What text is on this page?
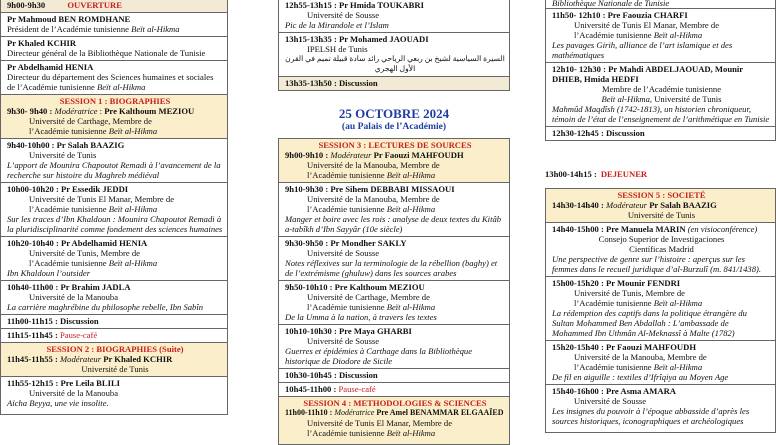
9h00-9h30	OUVERTURE
Pr Mahmoud BEN ROMDHANE
Président de l’Académie tunisienne Beït al-Hikma
Pr Khaled KCHIR
Directeur général de la Bibliothèque Nationale de Tunisie
Pr Abdelhamid HENIA
Directeur du département des Sciences humaines et sociales de l’Académie tunisienne Beït al-Hikma
SESSION 1 : BIOGRAPHIES
9h30- 9h40 : Modératrice : Pre Kalthoum MEZIOU
Université de Carthage, Membre de
l’Académie tunisienne Beït al-Hikma
9h40-10h00 : Pr Salah BAAZIG
Université de Tunis
L’apport de Mounira Chapoutot Remadi à l’avancement de la recherche sur histoire du Maghreb médiéval
10h00-10h20 : Pr Essedik JEDDI
Université de Tunis El Manar, Membre de
l’Académie tunisienne Beït al-Hikma
Sur les traces d’Ibn Khaldoun : Mounira Chapoutot Remadi à la pluridisciplinarité comme fondement des sciences humaines
10h20-10h40 : Pr Abdelhamid HENIA
Université de Tunis, Membre de
l’Académie tunisienne Beït al-Hikma
Ibn Khaldoun l’outsider
10h40-11h00 : Pr Brahim JADLA
Université de la Manouba
La carrière maghrébine du philosophe rebelle, Ibn Sabîn
11h00-11h15 : Discussion
11h15-11h45 : Pause-café
SESSION 2 : BIOGRAPHIES (Suite)
11h45-11h55 : Modérateur Pr Khaled KCHIR
Université de Tunis
11h55-12h15 : Pre Leila BLILI
Université de la Manouba
Aïcha Beyya, une vie insolite.
12h55-13h15 : Pr Hmida TOUKABRI
Université de Sousse
Pic de la Mirandole et l’Islam
13h15-13h35 : Pr Mohamed JAOUADI
IPELSH de Tunis
السيرة السياسية لشيخ بن ربعي الرياحي رائد سادة قبيلة تميم في القرن الأول الهجري
13h35-13h50 : Discussion
25 OCTOBRE 2024
(au Palais de l’Académie)
SESSION 3 : LECTURES DE SOURCES
9h00-9h10 : Modérateur Pr Faouzi MAHFOUDH
Université de la Manouba, Membre de
l’Académie tunisienne Beït al-Hikma
9h10-9h30 : Pre Sihem DEBBABI MISSAOUI
Université de la Manouba, Membre de
l’Académie tunisienne Beït al-Hikma
Manger et boire avec les rois : analyse de deux textes du Kitâb a-tabîkh d’Ibn Sayyâr (10e siècle)
9h30-9h50 : Pr Mondher SAKLY
Université de Sousse
Notes réflexives sur la terminologie de la rébellion (baghy) et de l’extrémisme (ghuluw) dans les sources arabes
9h50-10h10 : Pre Kalthoum MEZIOU
Université de Carthage, Membre de
l’Académie tunisienne Beït al-Hikma
De la Umma à la nation, à travers les textes
10h10-10h30 : Pre Maya GHARBI
Université de Sousse
Guerres et épidémies à Carthage dans la Bibliothèque historique de Diodore de Sicile
10h30-10h45 : Discussion
10h45-11h00 : Pause-café
SESSION 4 : METHODOLOGIES & SCIENCES
11h00-11h10 : Modératrice Pre Amel BENAMMAR ELGAAÏED
Université de Tunis El Manar, Membre de
l’Académie tunisienne Beït al-Hikma
Bibliothèque Nationale de Tunisie
11h50- 12h10 : Pre Faouzia CHARFI
Université de Tunis El Manar, Membre de
l’Académie tunisienne Beït al-Hikma
Les pavages Girih, alliance de l’art islamique et des mathématiques
12h10- 12h30 : Pr Mahdi ABDELJAOUAD, Mounir DHIEB, Hmida HEDFI
Membre de l’Académie tunisienne
Beït al-Hikma, Université de Tunis
Mahmûd Maqdîsh (1742-1813), un historien chroniqueur, témoin de l’état de l’enseignement de l’arithmétique en Tunisie
12h30-12h45 : Discussion
13h00-14h15 : DEJEUNER
SESSION 5 : SOCIETÉ
14h30-14h40 : Modérateur Pr Salah BAAZIG
Université de Tunis
14h40-15h00 : Pre Manuela MARIN (en visioconférence)
Consejo Superior de Investigaciones
Científicas Madrid
Une perspective de genre sur l’histoire : aperçus sur les femmes dans le recueil juridique d’al-Burzulî (m. 841/1438).
15h00-15h20 : Pr Mounir FENDRI
Université de Tunis, Membre de
l’Académie tunisienne Beït al-Hikma
La rédemption des captifs dans la politique étrangère du Sultan Mohammed Ben Abdallah : L’ambassade de Mohammed Ibn Uthmân Al-Meknassî à Malte (1782)
15h20-15h40 : Pr Faouzi MAHFOUDH
Université de la Manouba, Membre de
l’Académie tunisienne Beït al-Hikma
De fil en aiguille : textiles d’Ifrîqiya au Moyen Age
15h40-16h00 : Pre Asma AMARA
Université de Sousse
Les insignes du pouvoir à l’époque abbasside d’après les sources historiques, iconographiques et archéologiques
